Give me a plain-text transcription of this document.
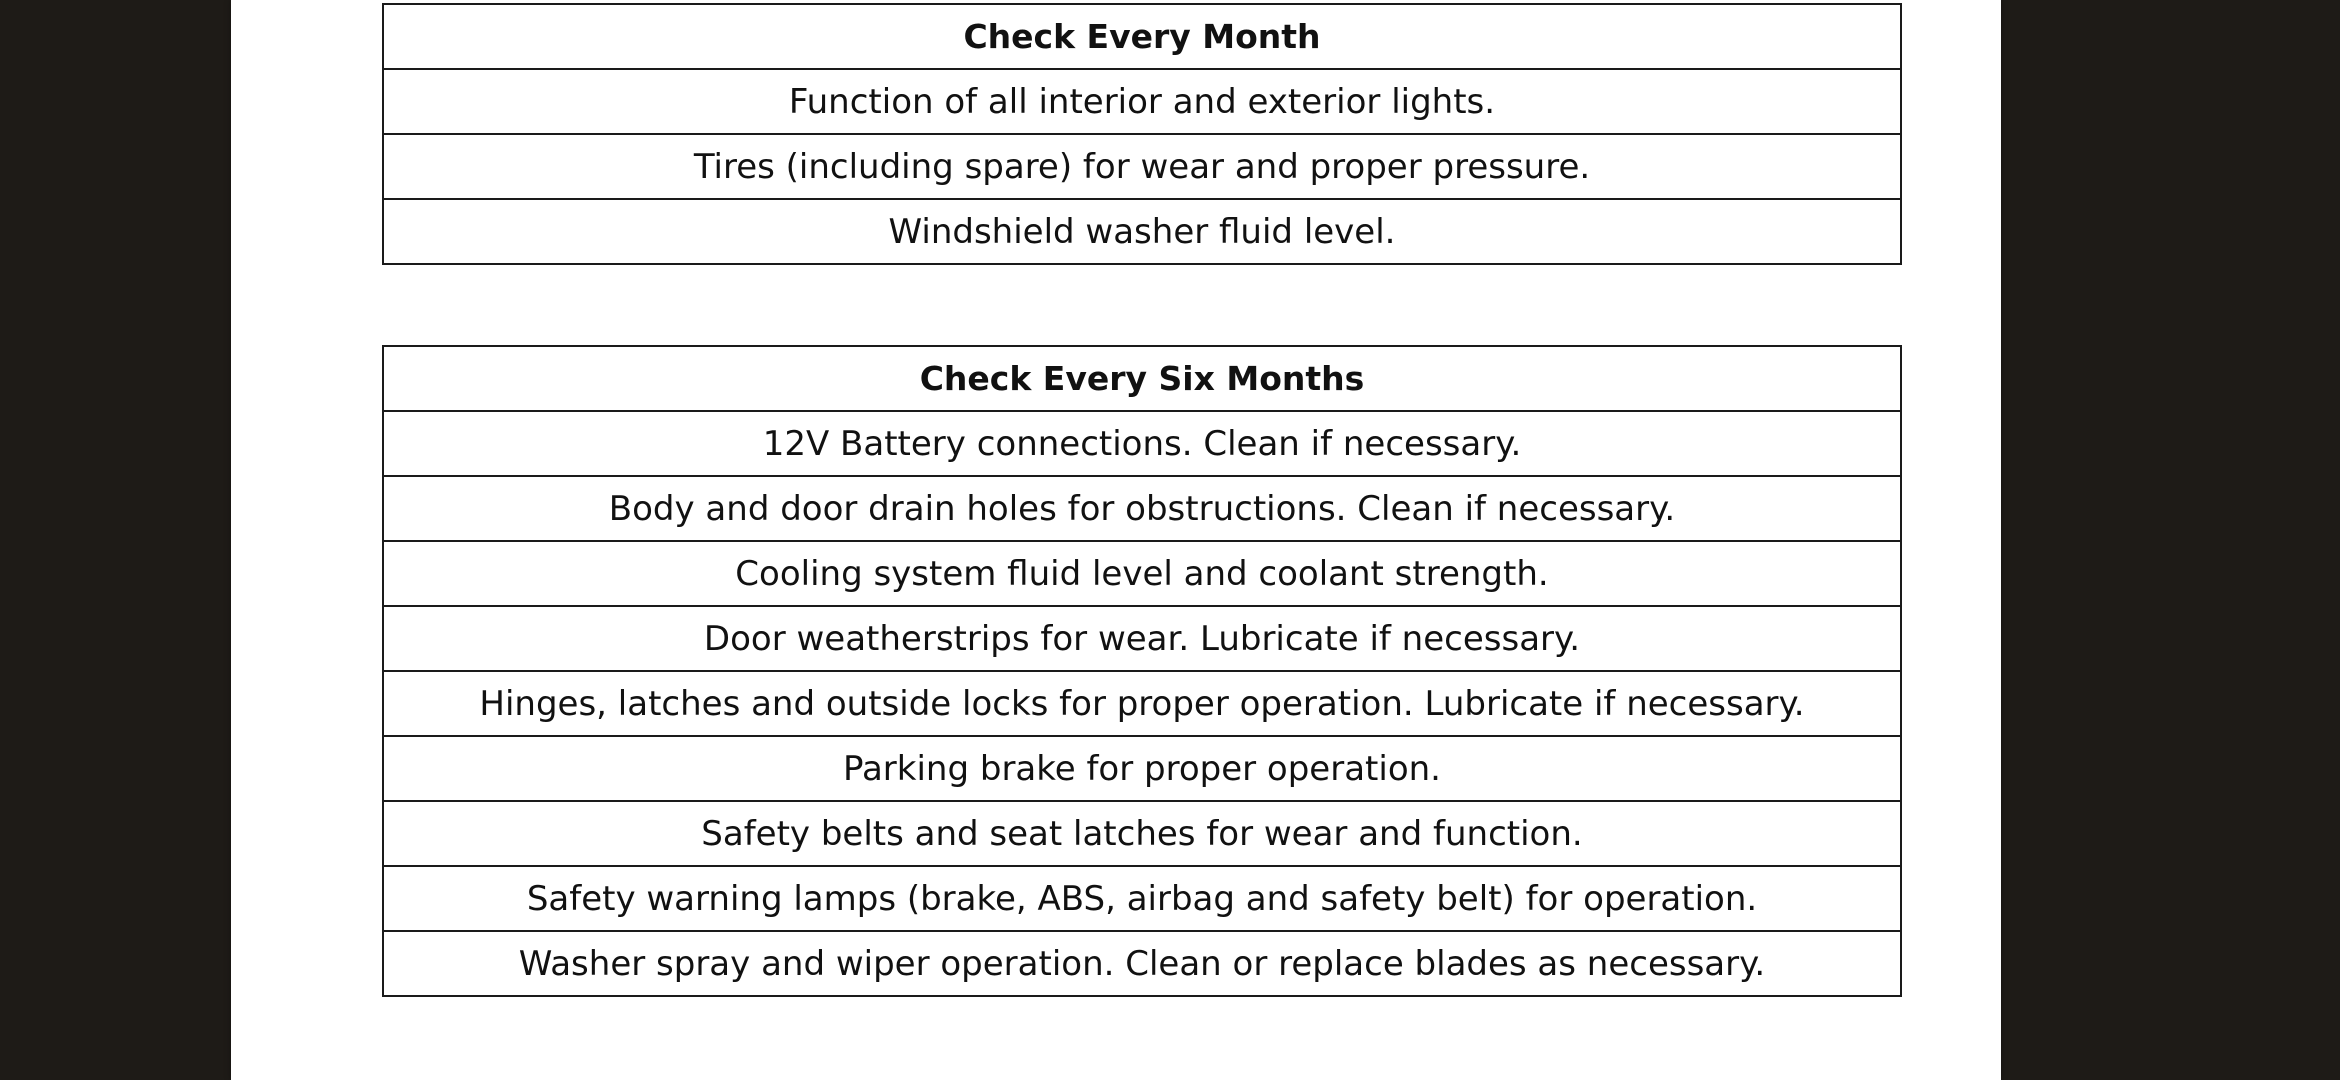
Check Every Month
Function of all interior and exterior lights.
Tires (including spare) for wear and proper pressure.
Windshield washer fluid level.
Check Every Six Months
12V Battery connections. Clean if necessary.
Body and door drain holes for obstructions. Clean if necessary.
Cooling system fluid level and coolant strength.
Door weatherstrips for wear. Lubricate if necessary.
Hinges, latches and outside locks for proper operation. Lubricate if necessary.
Parking brake for proper operation.
Safety belts and seat latches for wear and function.
Safety warning lamps (brake, ABS, airbag and safety belt) for operation.
Washer spray and wiper operation. Clean or replace blades as necessary.
